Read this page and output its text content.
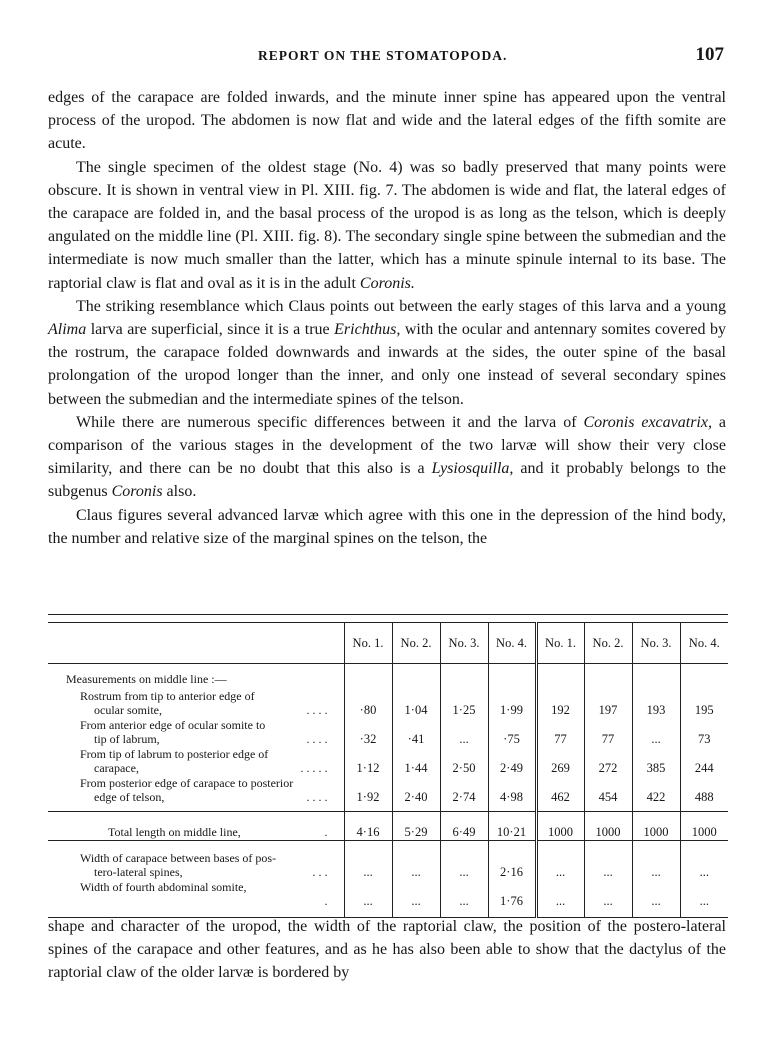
REPORT ON THE STOMATOPODA.	107

edges of the carapace are folded inwards, and the minute inner spine has appeared upon the ventral process of the uropod. The abdomen is now flat and wide and the lateral edges of the fifth somite are acute.

The single specimen of the oldest stage (No. 4) was so badly preserved that many points were obscure. It is shown in ventral view in Pl. XIII. fig. 7. The abdomen is wide and flat, the lateral edges of the carapace are folded in, and the basal process of the uropod is as long as the telson, which is deeply angulated on the middle line (Pl. XIII. fig. 8). The secondary single spine between the submedian and the intermediate is now much smaller than the latter, which has a minute spinule internal to its base. The raptorial claw is flat and oval as it is in the adult Coronis.

The striking resemblance which Claus points out between the early stages of this larva and a young Alima larva are superficial, since it is a true Erichthus, with the ocular and antennary somites covered by the rostrum, the carapace folded downwards and inwards at the sides, the outer spine of the basal prolongation of the uropod longer than the inner, and only one instead of several secondary spines between the submedian and the intermediate spines of the telson.

While there are numerous specific differences between it and the larva of Coronis excavatrix, a comparison of the various stages in the development of the two larvæ will show their very close similarity, and there can be no doubt that this also is a Lysiosquilla, and it probably belongs to the subgenus Coronis also.

Claus figures several advanced larvæ which agree with this one in the depression of the hind body, the number and relative size of the marginal spines on the telson, the

	No. 1.	No. 2.	No. 3.	No. 4.	No. 1.	No. 2.	No. 3.	No. 4.

Measurements on middle line :—								

Rostrum from tip to anterior edge of
ocular somite, . . . .	·80	1·04	1·25	1·99	192	197	193	195

From anterior edge of ocular somite to
tip of labrum, . . . .	·32	·41	...	·75	77	77	...	73

From tip of labrum to posterior edge of
carapace, . . . . .	1·12	1·44	2·50	2·49	269	272	385	244

From posterior edge of carapace to posterior
edge of telson, . . . .	1·92	2·40	2·74	4·98	462	454	422	488

Total length on middle line, .	4·16	5·29	6·49	10·21	1000	1000	1000	1000

Width of carapace between bases of pos-
tero-lateral spines, . . .	...	...	...	2·16	...	...	...	...

Width of fourth abdominal somite,
.	...	...	...	1·76	...	...	...	...

shape and character of the uropod, the width of the raptorial claw, the position of the postero-lateral spines of the carapace and other features, and as he has also been able to show that the dactylus of the raptorial claw of the older larvæ is bordered by
